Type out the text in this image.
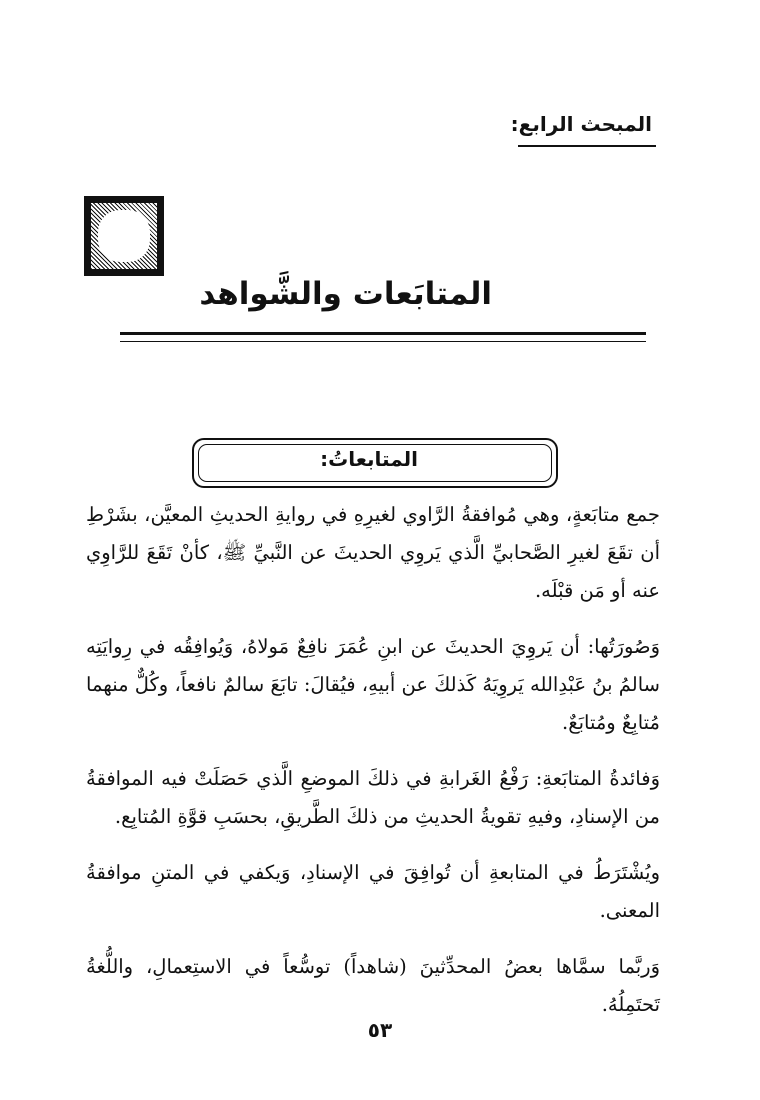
المبحث الرابع:
المتابَعات والشَّواهد
المتابعاتُ:

جمع متابَعةٍ، وهي مُوافقةُ الرَّاوي لغيرِهِ في روايةِ الحديثِ المعيَّن، بشَرْطِ أن تقَعَ لغيرِ الصَّحابيِّ الَّذي يَروِي الحديثَ عن النَّبيِّ ﷺ، كأنْ تَقَعَ للرَّاوِي عنه أو مَن قبْلَه.

وَصُورَتُها: أن يَروِيَ الحديثَ عن ابنِ عُمَرَ نافِعٌ مَولاهُ، وَيُوافِقُه في رِوايَتِه سالمُ بنُ عَبْدِالله يَروِيَهُ كَذلكَ عن أبيهِ، فيُقالَ: تابَعَ سالمٌ نافعاً، وكُلٌّ منهما مُتابِعٌ ومُتابَعٌ.

وَفائدةُ المتابَعةِ: رَفْعُ الغَرابةِ في ذلكَ الموضعِ الَّذي حَصَلَتْ فيه الموافقةُ من الإسنادِ، وفيهِ تقويةُ الحديثِ من ذلكَ الطَّريقِ، بحسَبِ قوَّةِ المُتابِع.

ويُشْتَرَطُ في المتابعةِ أن تُوافِقَ في الإسنادِ، وَيكفي في المتنِ موافقةُ المعنى.

وَربَّما سمَّاها بعضُ المحدِّثينَ (شاهداً) توسُّعاً في الاستِعمالِ، واللُّغةُ تَحتَمِلُهُ.

٥٣
